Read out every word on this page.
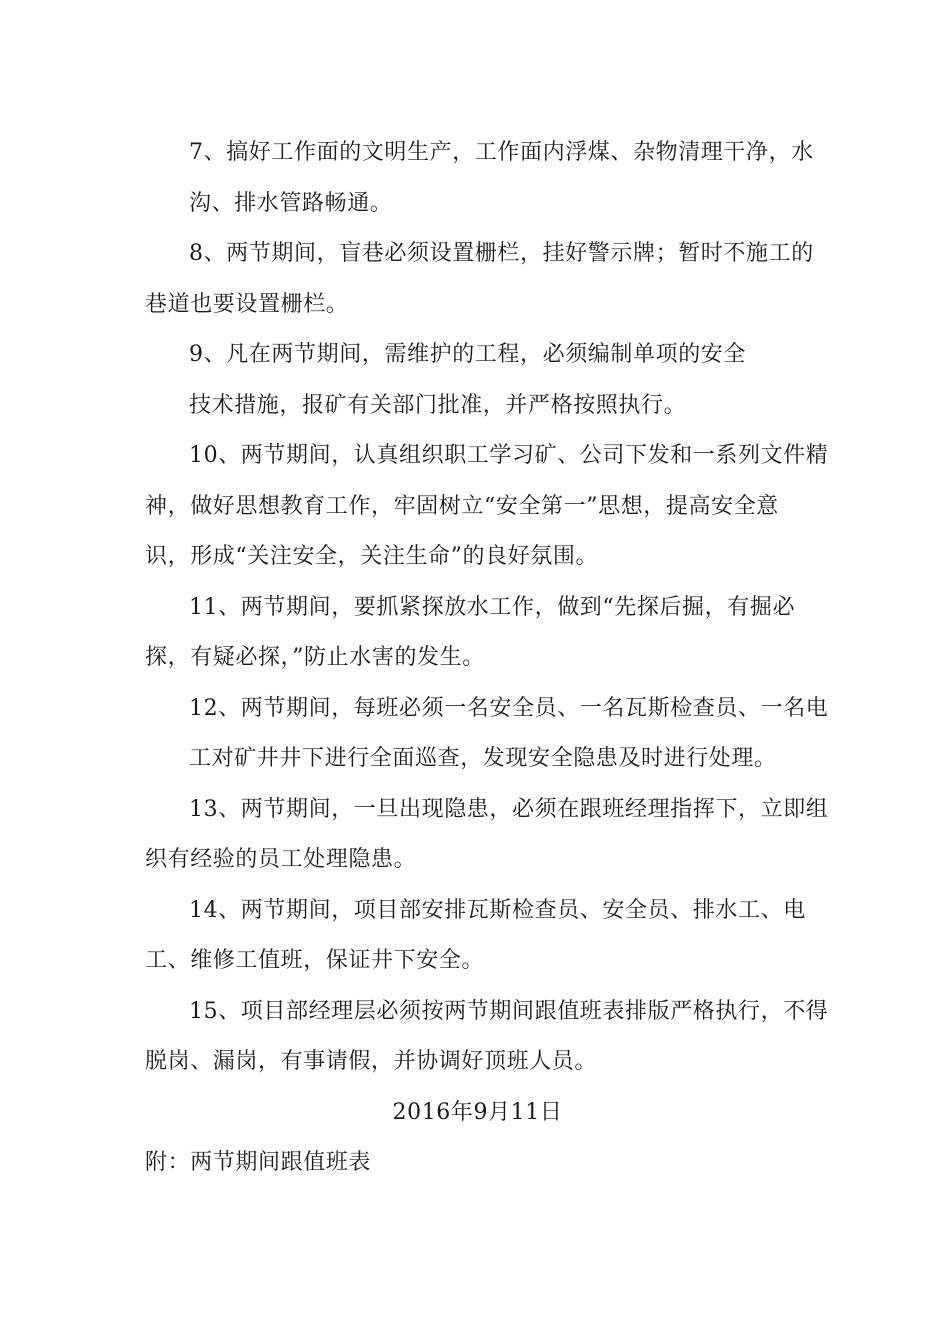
7、搞好工作面的文明生产，工作面内浮煤、杂物清理干净，水
沟、排水管路畅通。
8、两节期间，盲巷必须设置栅栏，挂好警示牌；暂时不施工的
巷道也要设置栅栏。
9、凡在两节期间，需维护的工程，必须编制单项的安全
技术措施，报矿有关部门批准，并严格按照执行。
10、两节期间，认真组织职工学习矿、公司下发和一系列文件精
神，做好思想教育工作，牢固树立“安全第一”思想，提高安全意
识，形成“关注安全，关注生命”的良好氛围。
11、两节期间，要抓紧探放水工作，做到“先探后掘，有掘必
探，有疑必探，”防止水害的发生。
12、两节期间，每班必须一名安全员、一名瓦斯检查员、一名电
工对矿井井下进行全面巡查，发现安全隐患及时进行处理。
13、两节期间，一旦出现隐患，必须在跟班经理指挥下，立即组
织有经验的员工处理隐患。
14、两节期间，项目部安排瓦斯检查员、安全员、排水工、电
工、维修工值班，保证井下安全。
15、项目部经理层必须按两节期间跟值班表排版严格执行，不得
脱岗、漏岗，有事请假，并协调好顶班人员。
2016年9月11日
附：两节期间跟值班表
